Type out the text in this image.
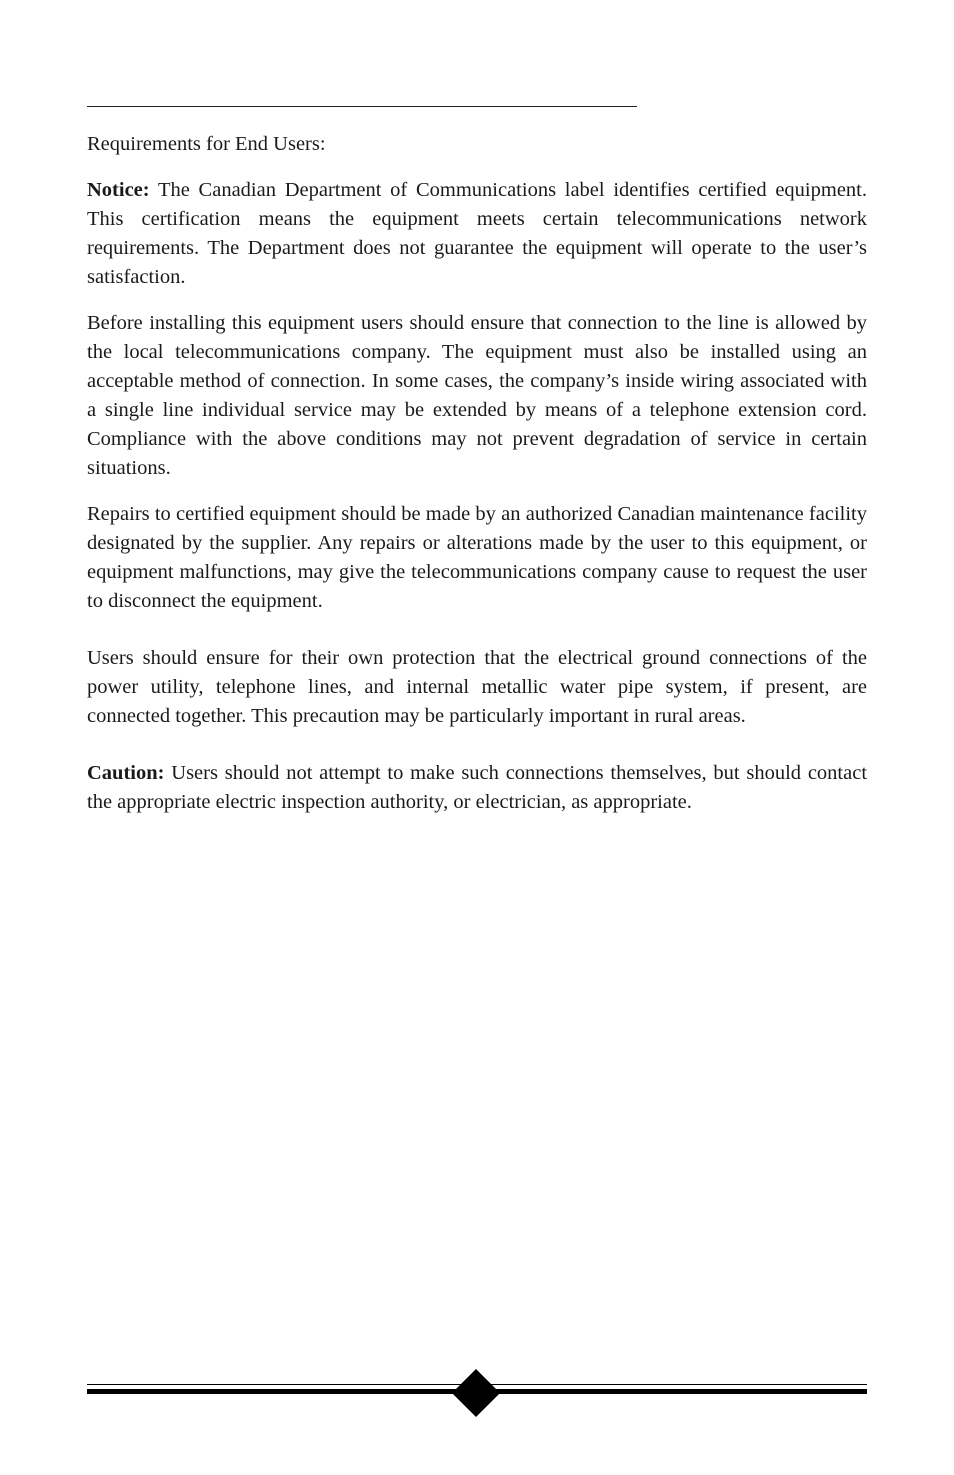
Requirements for End Users:

Notice: The Canadian Department of Communications label identifies certified equipment. This certification means the equipment meets certain telecommunications network requirements. The Department does not guarantee the equipment will operate to the user’s satisfaction.

Before installing this equipment users should ensure that connection to the line is allowed by the local telecommunications company. The equipment must also be installed using an acceptable method of connection. In some cases, the company’s inside wiring associated with a single line individual service may be extended by means of a telephone extension cord. Compliance with the above conditions may not prevent degradation of service in certain situations.

Repairs to certified equipment should be made by an authorized Canadian maintenance facility designated by the supplier. Any repairs or alterations made by the user to this equipment, or equipment malfunctions, may give the telecommunications company cause to request the user to disconnect the equipment.

Users should ensure for their own protection that the electrical ground connections of the power utility, telephone lines, and internal metallic water pipe system, if present, are connected together. This precaution may be particularly important in rural areas.

Caution: Users should not attempt to make such connections themselves, but should contact the appropriate electric inspection authority, or electrician, as appropriate.
